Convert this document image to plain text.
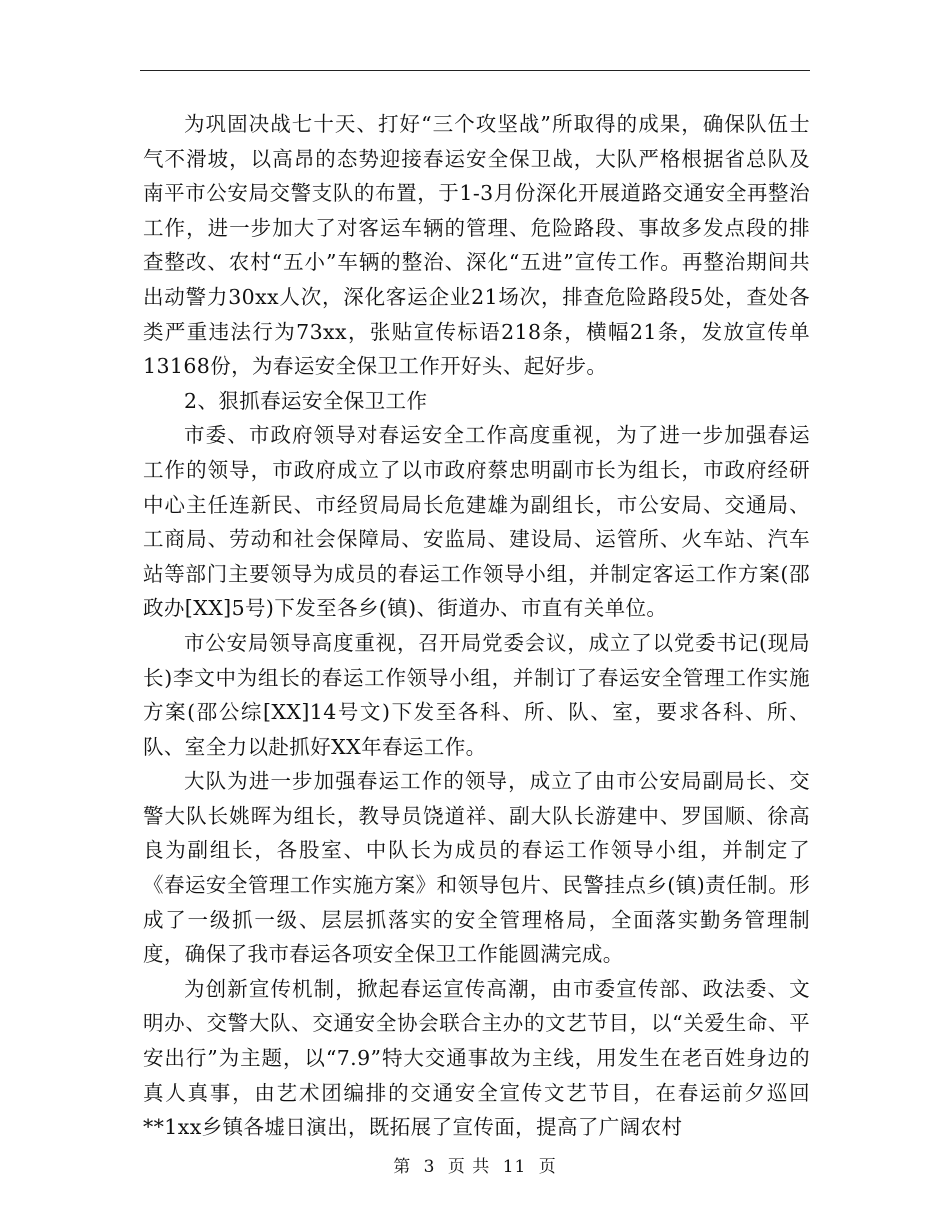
为巩固决战七十天、打好“三个攻坚战”所取得的成果，确保队伍士气不滑坡，以高昂的态势迎接春运安全保卫战，大队严格根据省总队及南平市公安局交警支队的布置，于1-3月份深化开展道路交通安全再整治工作，进一步加大了对客运车辆的管理、危险路段、事故多发点段的排查整改、农村“五小”车辆的整治、深化“五进”宣传工作。再整治期间共出动警力30xx人次，深化客运企业21场次，排查危险路段5处，查处各类严重违法行为73xx，张贴宣传标语218条，横幅21条，发放宣传单13168份，为春运安全保卫工作开好头、起好步。

2、狠抓春运安全保卫工作

市委、市政府领导对春运安全工作高度重视，为了进一步加强春运工作的领导，市政府成立了以市政府蔡忠明副市长为组长，市政府经研中心主任连新民、市经贸局局长危建雄为副组长，市公安局、交通局、工商局、劳动和社会保障局、安监局、建设局、运管所、火车站、汽车站等部门主要领导为成员的春运工作领导小组，并制定客运工作方案(邵政办[XX]5号)下发至各乡(镇)、街道办、市直有关单位。

市公安局领导高度重视，召开局党委会议，成立了以党委书记(现局长)李文中为组长的春运工作领导小组，并制订了春运安全管理工作实施方案(邵公综[XX]14号文)下发至各科、所、队、室，要求各科、所、队、室全力以赴抓好XX年春运工作。

大队为进一步加强春运工作的领导，成立了由市公安局副局长、交警大队长姚晖为组长，教导员饶道祥、副大队长游建中、罗国顺、徐高良为副组长，各股室、中队长为成员的春运工作领导小组，并制定了《春运安全管理工作实施方案》和领导包片、民警挂点乡(镇)责任制。形成了一级抓一级、层层抓落实的安全管理格局，全面落实勤务管理制度，确保了我市春运各项安全保卫工作能圆满完成。

为创新宣传机制，掀起春运宣传高潮，由市委宣传部、政法委、文明办、交警大队、交通安全协会联合主办的文艺节目，以“关爱生命、平安出行”为主题，以“7.9”特大交通事故为主线，用发生在老百姓身边的真人真事，由艺术团编排的交通安全宣传文艺节目，在春运前夕巡回**1xx乡镇各墟日演出，既拓展了宣传面，提高了广阔农村

第 3 页 共 11 页
